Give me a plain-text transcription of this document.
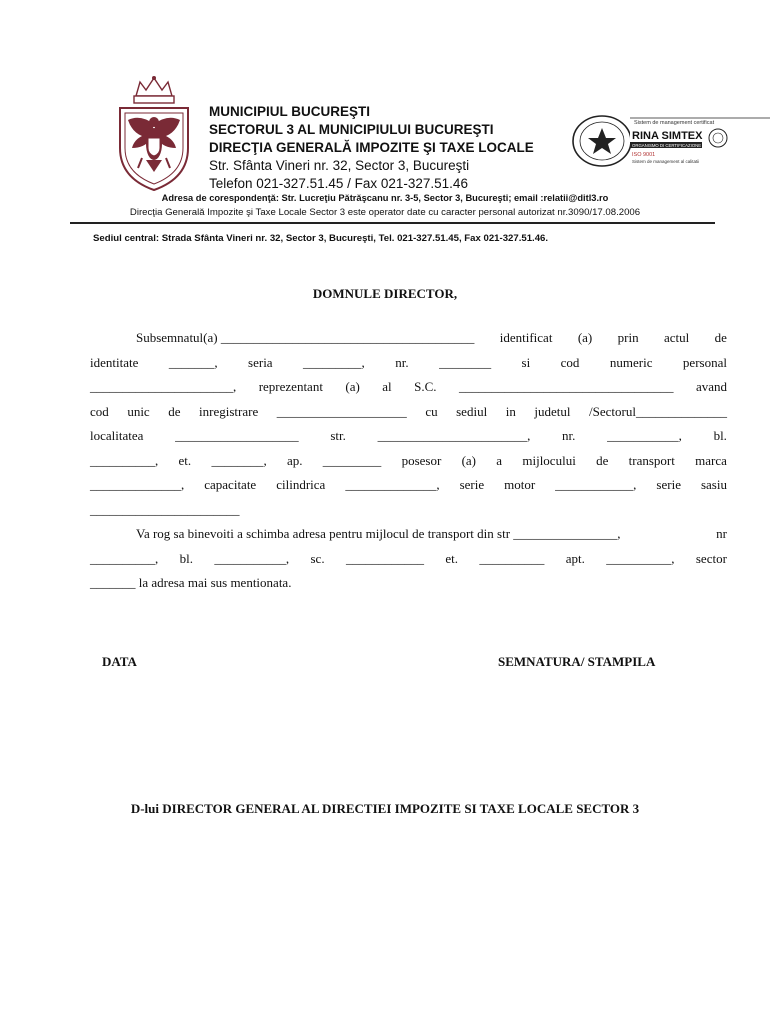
MUNICIPIUL BUCUREŞTI
SECTORUL 3 AL MUNICIPIULUI BUCUREŞTI
DIRECŢIA GENERALĂ IMPOZITE ŞI TAXE LOCALE
Str. Sfânta Vineri nr. 32, Sector 3, Bucureşti
Telefon 021-327.51.45 / Fax 021-327.51.46
Sistem de management certificat
RINA SIMTEX
ORGANISMO DI CERTIFICAZIONE
ISO 9001
Sistem de management al calitatii
Adresa de corespondenţă: Str. Lucreţiu Pătrăşcanu nr. 3-5, Sector 3, Bucureşti; email :relatii@ditl3.ro
Direcţia Generală Impozite şi Taxe Locale Sector 3 este operator date cu caracter personal autorizat nr.3090/17.08.2006
Sediul central: Strada Sfânta Vineri nr. 32, Sector 3, Bucureşti, Tel. 021-327.51.45, Fax 021-327.51.46.
DOMNULE DIRECTOR,
Subsemnatul(a) _______________________________________ identificat (a) prin actul de
identitate _______, seria _________, nr. ________ si cod numeric personal
______________________, reprezentant (a) al S.C. _________________________________ avand
cod unic de inregistrare ____________________ cu sediul in judetul /Sectorul______________
localitatea ___________________ str. _______________________, nr. ___________, bl.
__________, et. ________, ap. _________ posesor (a) a mijlocului de transport marca
______________, capacitate cilindrica ______________, serie motor ____________, serie sasiu
_______________________
Va rog sa binevoiti a schimba adresa pentru mijlocul de transport din str ________________,	nr
__________, bl. ___________, sc. ____________ et. __________ apt. __________, sector
_______ la adresa mai sus mentionata.
DATA	SEMNATURA/ STAMPILA
D-lui DIRECTOR GENERAL AL DIRECTIEI IMPOZITE SI TAXE LOCALE SECTOR 3
